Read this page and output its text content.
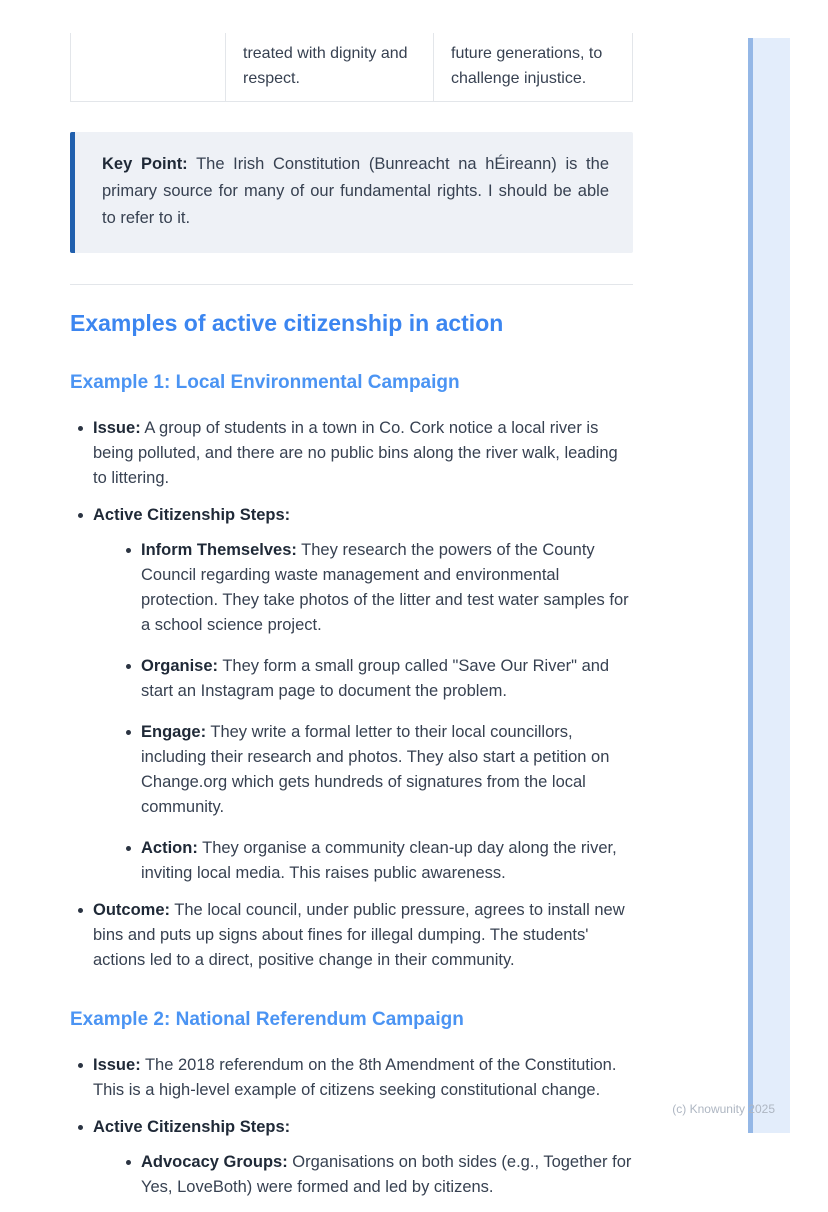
treated with dignity and respect.
future generations, to challenge injustice.
Key Point: The Irish Constitution (Bunreacht na hÉireann) is the primary source for many of our fundamental rights. I should be able to refer to it.
Examples of active citizenship in action
Example 1: Local Environmental Campaign
Issue: A group of students in a town in Co. Cork notice a local river is being polluted, and there are no public bins along the river walk, leading to littering.
Active Citizenship Steps:
Inform Themselves: They research the powers of the County Council regarding waste management and environmental protection. They take photos of the litter and test water samples for a school science project.
Organise: They form a small group called "Save Our River" and start an Instagram page to document the problem.
Engage: They write a formal letter to their local councillors, including their research and photos. They also start a petition on Change.org which gets hundreds of signatures from the local community.
Action: They organise a community clean-up day along the river, inviting local media. This raises public awareness.
Outcome: The local council, under public pressure, agrees to install new bins and puts up signs about fines for illegal dumping. The students' actions led to a direct, positive change in their community.
Example 2: National Referendum Campaign
Issue: The 2018 referendum on the 8th Amendment of the Constitution. This is a high-level example of citizens seeking constitutional change.
Active Citizenship Steps:
Advocacy Groups: Organisations on both sides (e.g., Together for Yes, LoveBoth) were formed and led by citizens.
(c) Knowunity 2025
